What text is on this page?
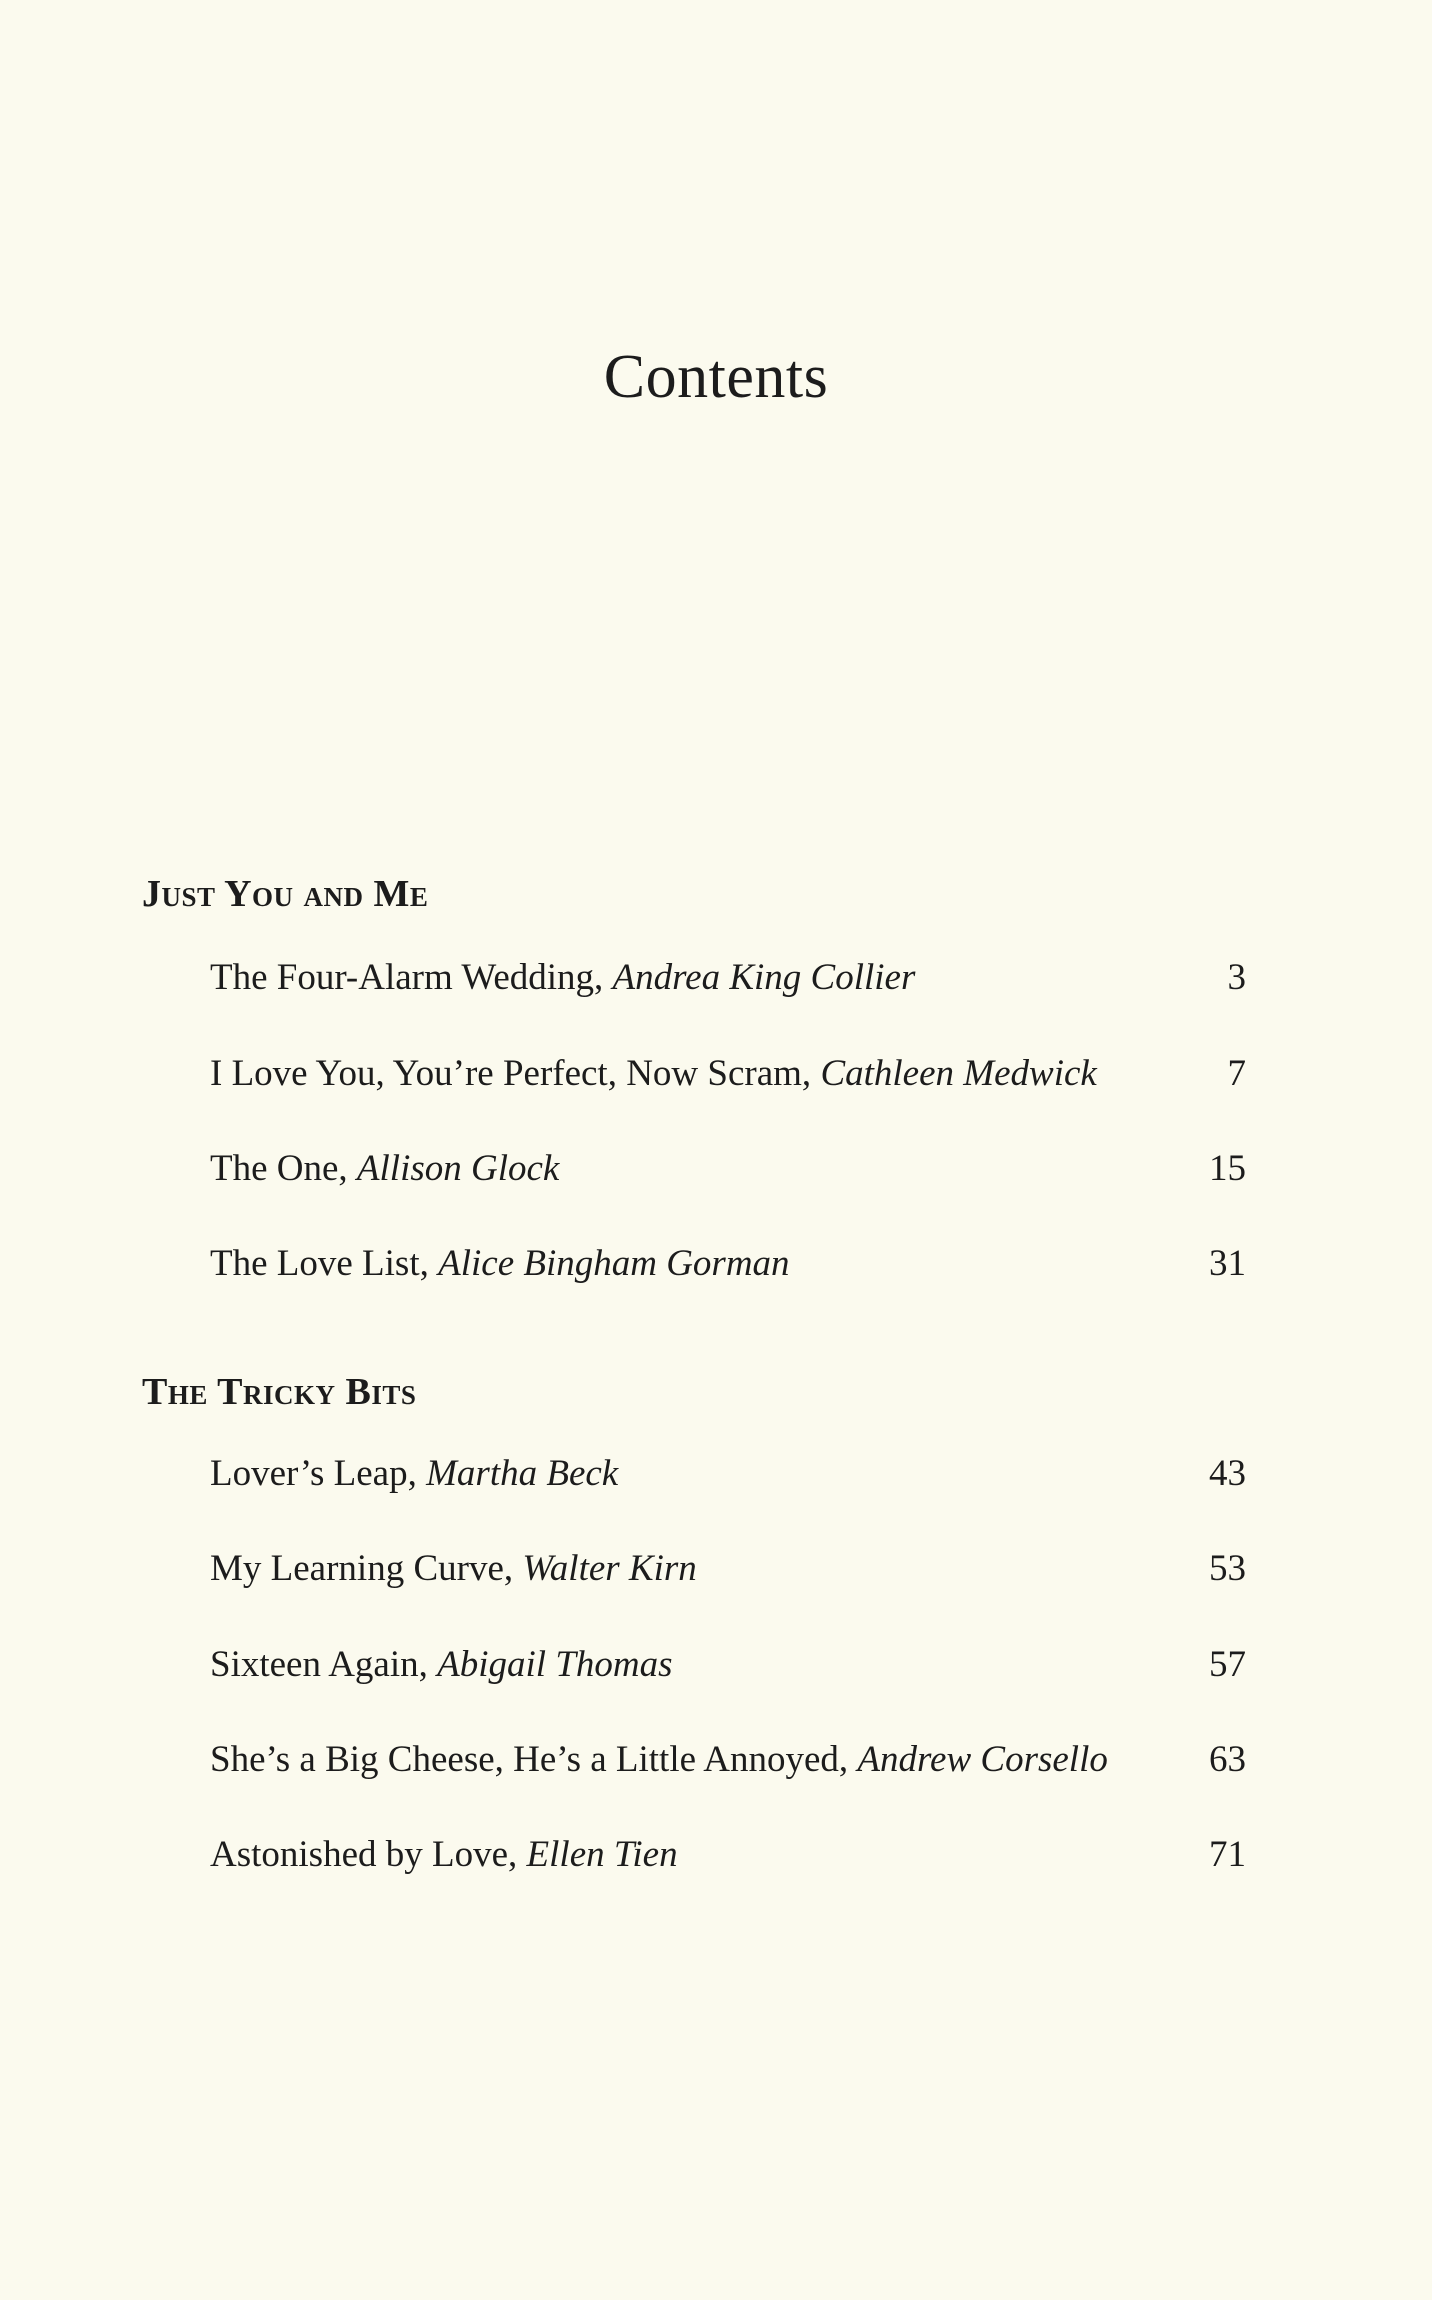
Contents
Just You and Me
The Four-Alarm Wedding, Andrea King Collier	3
I Love You, You’re Perfect, Now Scram, Cathleen Medwick	7
The One, Allison Glock	15
The Love List, Alice Bingham Gorman	31
The Tricky Bits
Lover’s Leap, Martha Beck	43
My Learning Curve, Walter Kirn	53
Sixteen Again, Abigail Thomas	57
She’s a Big Cheese, He’s a Little Annoyed, Andrew Corsello	63
Astonished by Love, Ellen Tien	71
